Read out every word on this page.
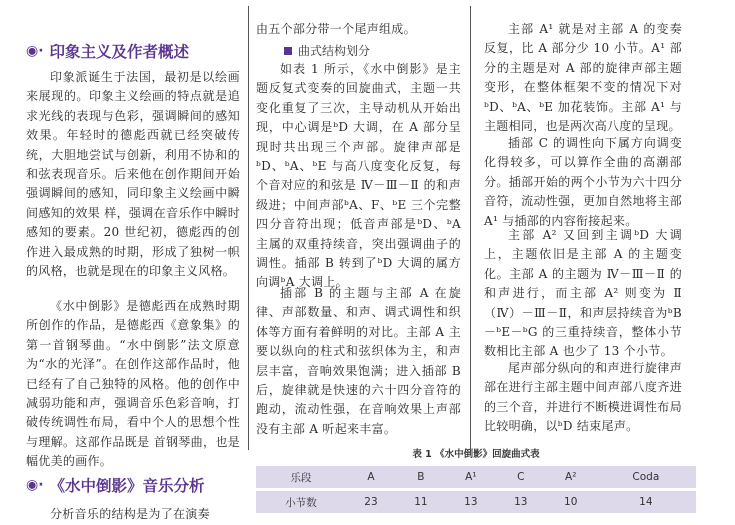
◉· 印象主义及作者概述

印象派诞生于法国，最初是以绘画来展现的。印象主义绘画的特点就是追求光线的表现与色彩，强调瞬间的感知效果。年轻时的德彪西就已经突破传统，大胆地尝试与创新，利用不协和的和弦表现音乐。后来他在创作期间开始强调瞬间的感知，同印象主义绘画中瞬间感知的效果 样，强调在音乐作中瞬时感知的要素。20 世纪初，德彪西的创作进入最成熟的时期，形成了独树一帜的风格，也就是现在的印象主义风格。

《水中倒影》是德彪西在成熟时期所创作的作品，是德彪西《意象集》的第一首钢琴曲。“水中倒影”法文原意为“水的光泽”。在创作这部作品时，他已经有了自己独特的风格。他的创作中减弱功能和声，强调音乐色彩音响，打破传统调性布局，看中个人的思想个性与理解。这部作品既是 首钢琴曲，也是 幅优美的画作。

◉· 《水中倒影》音乐分析

分析音乐的结构是为了在演奏

由五个部分带一个尾声组成。

曲式结构划分

如表 1 所示，《水中倒影》是主题反复式变奏的回旋曲式，主题一共变化重复了三次，主导动机从开始出现，中心调是ᵇD 大调，在 A 部分呈现时共出现三个声部。旋律声部是ᵇD、ᵇA、ᵇE 与高八度变化反复，每个音对应的和弦是 Ⅳ－Ⅲ－Ⅱ 的和声级进；中间声部ᵇA、F、ᵇE 三个完整四分音符出现；低音声部是ᵇD、ᵇA 主属的双重持续音，突出强调曲子的调性。插部 B 转到了ᵇD 大调的属方向调ᵇA 大调上。

插部 B 的主题与主部 A 在旋律、声部数量、和声、调式调性和织体等方面有着鲜明的对比。主部 A 主要以纵向的柱式和弦织体为主，和声层丰富，音响效果饱满；进入插部 B 后，旋律就是快速的六十四分音符的跑动，流动性强，在音响效果上声部没有主部 A 听起来丰富。

主部 A¹ 就是对主部 A 的变奏反复，比 A 部分少 10 小节。A¹ 部分的主题是对 A 部的旋律声部主题变形，在整体框架不变的情况下对ᵇD、ᵇA、ᵇE 加花装饰。主部 A¹ 与主题相同，也是两次高八度的呈现。

插部 C 的调性向下属方向调变化得较多，可以算作全曲的高潮部分。插部开始的两个小节为六十四分音符，流动性强，更加自然地将主部 A¹ 与插部的内容衔接起来。

主部 A² 又回到主调ᵇD 大调上，主题依旧是主部 A 的主题变化。主部 A 的主题为 Ⅳ－Ⅲ－Ⅱ 的和声进行，而主部 A² 则变为 Ⅱ（Ⅳ）－Ⅲ－Ⅱ，和声层持续音为ᵇB－ᵇE－ᵇG 的三重持续音，整体小节数相比主部 A 也少了 13 个小节。

尾声部分纵向的和声进行旋律声部在进行主部主题中间声部八度齐进的三个音，并进行不断模进调性布局比较明确，以ᵇD 结束尾声。

表 1 《水中倒影》回旋曲式表
乐段	A	B	A¹	C	A²	Coda
小节数	23	11	13	13	10	14
